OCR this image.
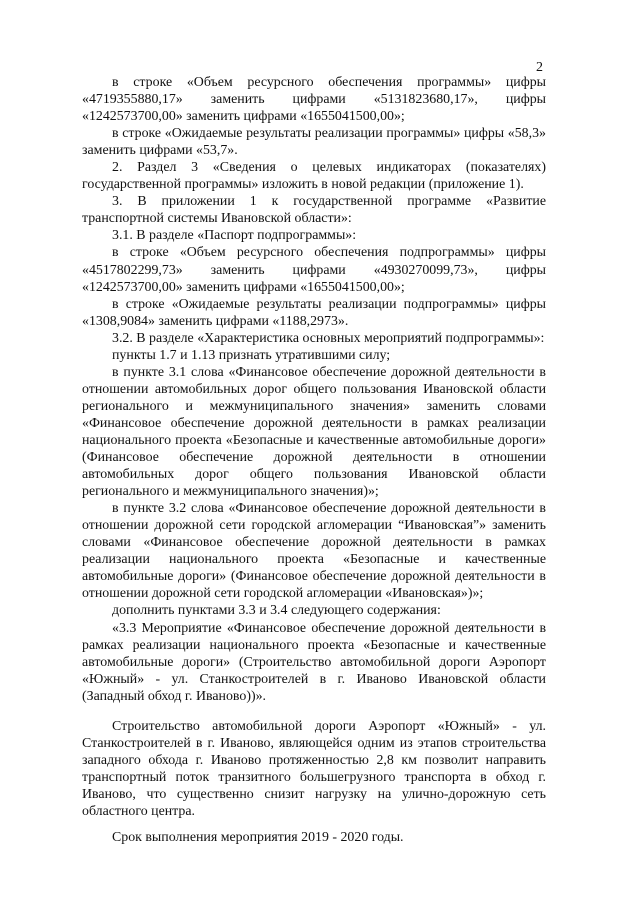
2

в строке «Объем ресурсного обеспечения программы» цифры «4719355880,17» заменить цифрами «5131823680,17», цифры «1242573700,00» заменить цифрами «1655041500,00»;

в строке «Ожидаемые результаты реализации программы» цифры «58,3» заменить цифрами «53,7».

2. Раздел 3 «Сведения о целевых индикаторах (показателях) государственной программы» изложить в новой редакции (приложение 1).

3. В приложении 1 к государственной программе «Развитие транспортной системы Ивановской области»:

3.1. В разделе «Паспорт подпрограммы»:

в строке «Объем ресурсного обеспечения подпрограммы» цифры «4517802299,73» заменить цифрами «4930270099,73», цифры «1242573700,00» заменить цифрами «1655041500,00»;

в строке «Ожидаемые результаты реализации подпрограммы» цифры «1308,9084» заменить цифрами «1188,2973».

3.2. В разделе «Характеристика основных мероприятий подпрограммы»:

пункты 1.7 и 1.13 признать утратившими силу;

в пункте 3.1 слова «Финансовое обеспечение дорожной деятельности в отношении автомобильных дорог общего пользования Ивановской области регионального и межмуниципального значения» заменить словами «Финансовое обеспечение дорожной деятельности в рамках реализации национального проекта «Безопасные и качественные автомобильные дороги» (Финансовое обеспечение дорожной деятельности в отношении автомобильных дорог общего пользования Ивановской области регионального и межмуниципального значения)»;

в пункте 3.2 слова «Финансовое обеспечение дорожной деятельности в отношении дорожной сети городской агломерации “Ивановская”» заменить словами «Финансовое обеспечение дорожной деятельности в рамках реализации национального проекта «Безопасные и качественные автомобильные дороги» (Финансовое обеспечение дорожной деятельности в отношении дорожной сети городской агломерации «Ивановская»)»;

дополнить пунктами 3.3 и 3.4 следующего содержания:

«3.3 Мероприятие «Финансовое обеспечение дорожной деятельности в рамках реализации национального проекта «Безопасные и качественные автомобильные дороги» (Строительство автомобильной дороги Аэропорт «Южный» - ул. Станкостроителей в г. Иваново Ивановской области (Западный обход г. Иваново))».

Строительство автомобильной дороги Аэропорт «Южный» - ул. Станкостроителей в г. Иваново, являющейся одним из этапов строительства западного обхода г. Иваново протяженностью 2,8 км позволит направить транспортный поток транзитного большегрузного транспорта в обход г. Иваново, что существенно снизит нагрузку на улично-дорожную сеть областного центра.

Срок выполнения мероприятия 2019 - 2020 годы.
